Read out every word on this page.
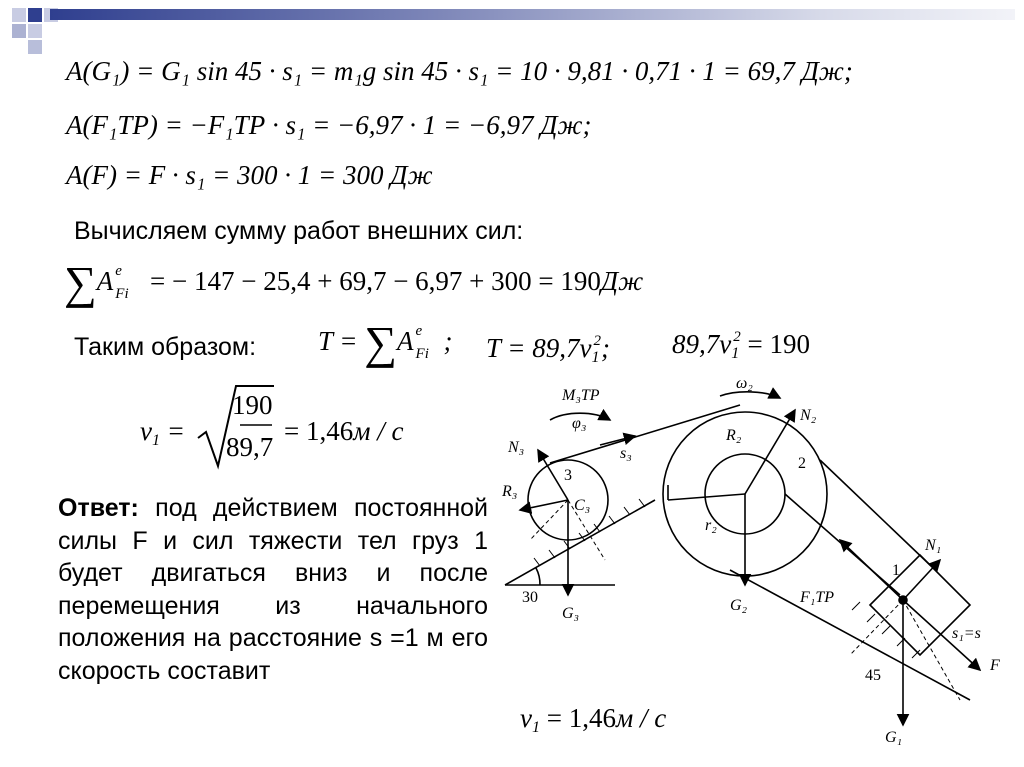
A(G₁) = G₁ sin 45 · s₁ = m₁g sin 45 · s₁ = 10 · 9,81 · 0,71 · 1 = 69,7 Дж;
A(F₁ТР) = −F₁ТР · s₁ = −6,97 · 1 = −6,97 Дж;
A(F) = F · s₁ = 300 · 1 = 300 Дж
Вычисляем сумму работ внешних сил:
∑A e
Fi = − 147 − 25,4 + 69,7 − 6,97 + 300 = 190Дж
Таким образом: T = ∑A e
Fi ; $T = 89,7v_1^2$; $89,7v_1^2 = 190$
$v_1$ =
190
89,7
= 1,46м / c
Ответ: под действием постоянной силы F и сил тяжести тел груз 1 будет двигаться вниз и после перемещения из начального положения на расстояние s =1 м его скорость составит
$v_1 = 1,46м / c$
M₃ТР
φ₃
ω₂
N₂
R₂
2
N₃
3
s₃
R₃
C₃
r₂
30
G₃	G₂	F₁ТР
N₁
1
s₁=s
45
F
G₁
